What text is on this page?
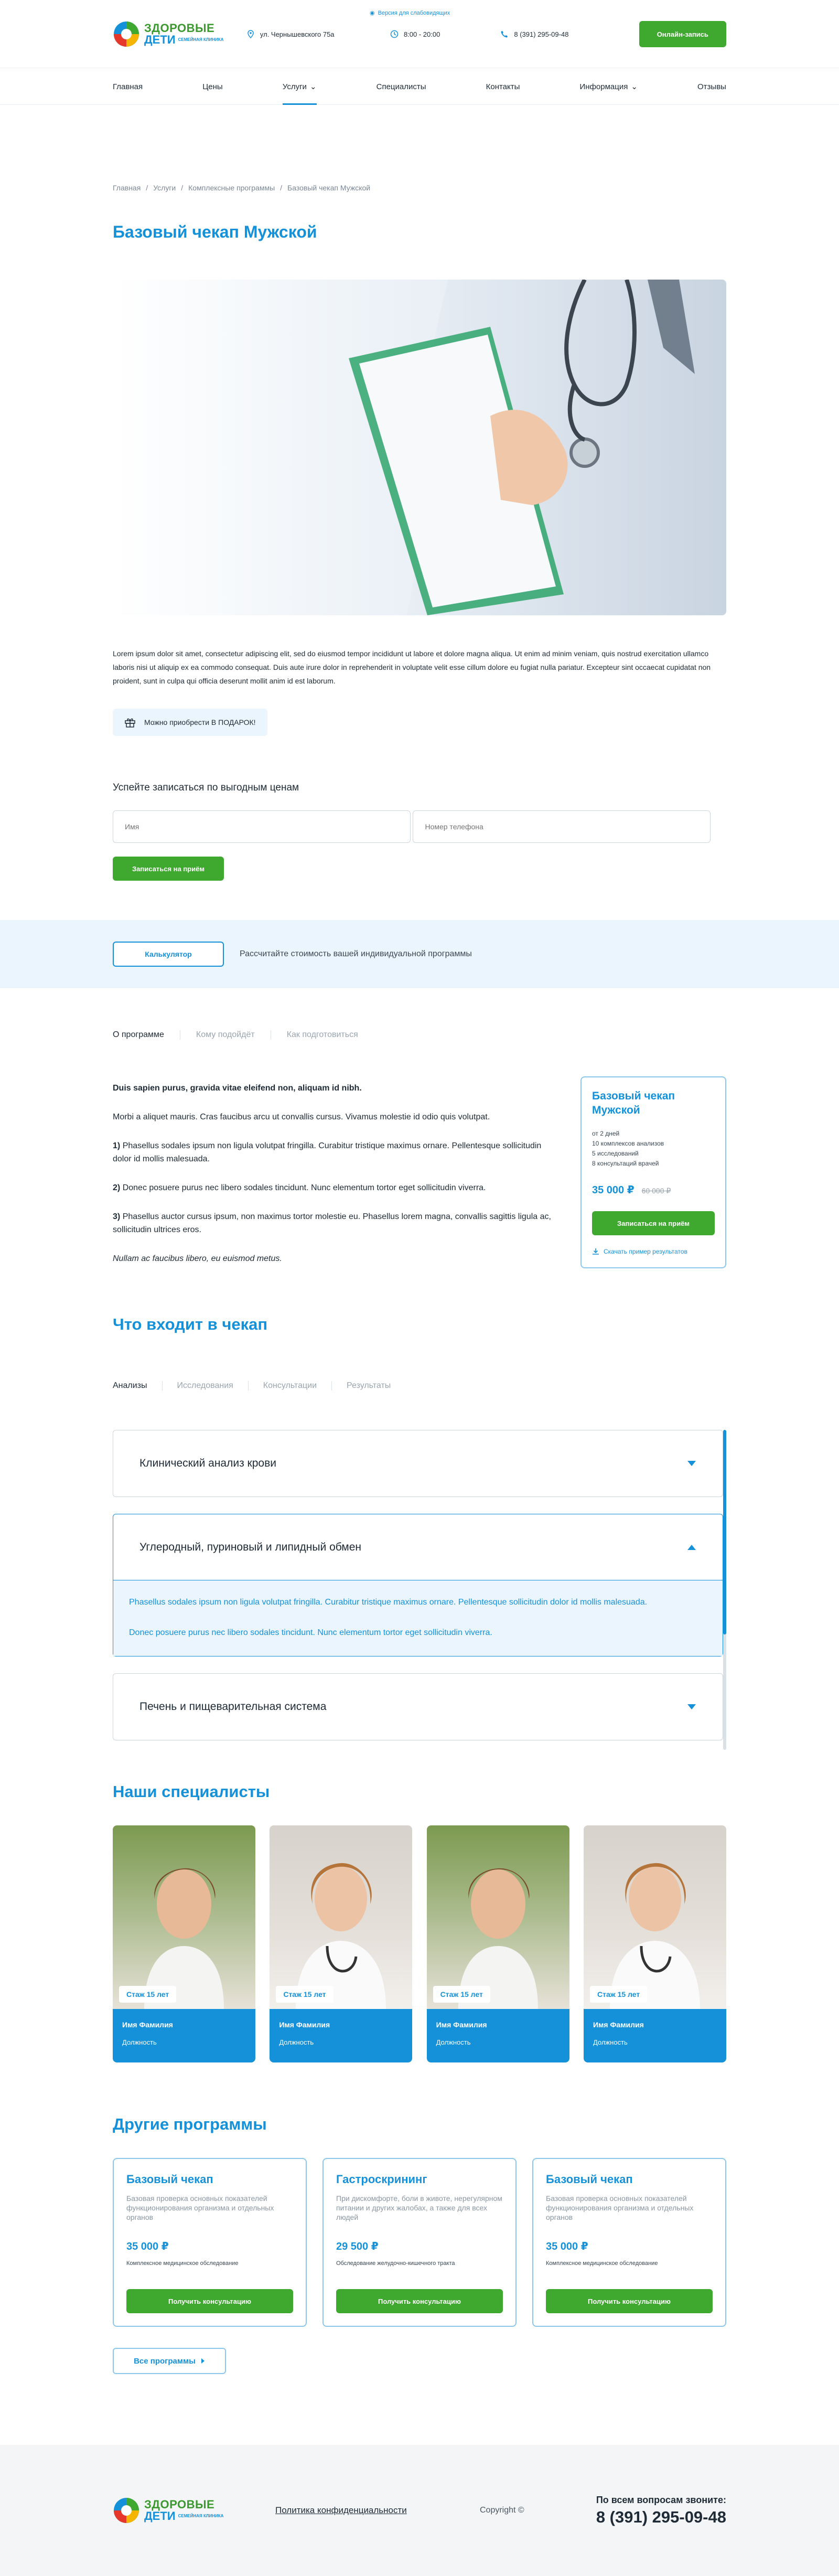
ЗДОРОВЫЕ
ДЕТИ СЕМЕЙНАЯ КЛИНИКА
◉ Версия для слабовидящих
ул. Чернышевского 75а	8:00 - 20:00	8 (391) 295-09-48	Онлайн-запись
Главная	Цены	Услуги ⌄	Специалисты	Контакты	Информация ⌄	Отзывы
Главная / Услуги / Комплексные программы / Базовый чекап Мужской
Базовый чекап Мужской

Lorem ipsum dolor sit amet, consectetur adipiscing elit, sed do eiusmod tempor incididunt ut labore et dolore magna aliqua. Ut enim ad minim veniam, quis nostrud exercitation ullamco laboris nisi ut aliquip ex ea commodo consequat. Duis aute irure dolor in reprehenderit in voluptate velit esse cillum dolore eu fugiat nulla pariatur. Excepteur sint occaecat cupidatat non proident, sunt in culpa qui officia deserunt mollit anim id est laborum.

Можно приобрести В ПОДАРОК!
Успейте записаться по выгодным ценам
Имя Номер телефона
Записаться на приём
Калькулятор	Рассчитайте стоимость вашей индивидуальной программы
О программе	Кому подойдёт	Как подготовиться

Duis sapien purus, gravida vitae eleifend non, aliquam id nibh.

Morbi a aliquet mauris. Cras faucibus arcu ut convallis cursus. Vivamus molestie id odio quis volutpat.

1) Phasellus sodales ipsum non ligula volutpat fringilla. Curabitur tristique maximus ornare. Pellentesque sollicitudin dolor id mollis malesuada.

2) Donec posuere purus nec libero sodales tincidunt. Nunc elementum tortor eget sollicitudin viverra.

3) Phasellus auctor cursus ipsum, non maximus tortor molestie eu. Phasellus lorem magna, convallis sagittis ligula ac, sollicitudin ultrices eros.

Nullam ac faucibus libero, eu euismod metus.

Базовый чекап Мужской
от 2 дней
10 комплексов анализов
5 исследований
8 консультаций врачей
35 000 ₽ 60 000 ₽
Записаться на приём
Скачать пример результатов
Что входит в чекап
Анализы	Исследования	Консультации	Результаты
Клинический анализ крови
Углеродный, пуриновый и липидный обмен

Phasellus sodales ipsum non ligula volutpat fringilla. Curabitur tristique maximus ornare. Pellentesque sollicitudin dolor id mollis malesuada.

Donec posuere purus nec libero sodales tincidunt. Nunc elementum tortor eget sollicitudin viverra.

Печень и пищеварительная система
Наши специалисты
Стаж 15 лет
Имя Фамилия
Должность
Стаж 15 лет
Имя Фамилия
Должность
Стаж 15 лет
Имя Фамилия
Должность
Стаж 15 лет
Имя Фамилия
Должность
Другие программы
Базовый чекап
Базовая проверка основных показателей функционирования организма и отдельных органов
35 000 ₽
Комплексное медицинское обследование
Получить консультацию
Гастроскрининг
При дискомфорте, боли в животе, нерегулярном питании и других жалобах, а также для всех людей
29 500 ₽
Обследование желудочно-кишечного тракта
Получить консультацию
Базовый чекап
Базовая проверка основных показателей функционирования организма и отдельных органов
35 000 ₽
Комплексное медицинское обследование
Получить консультацию
Все программы
ЗДОРОВЫЕ
ДЕТИ СЕМЕЙНАЯ КЛИНИКА
Политика конфиденциальности	Copyright ©
По всем вопросам звоните:
8 (391) 295-09-48
